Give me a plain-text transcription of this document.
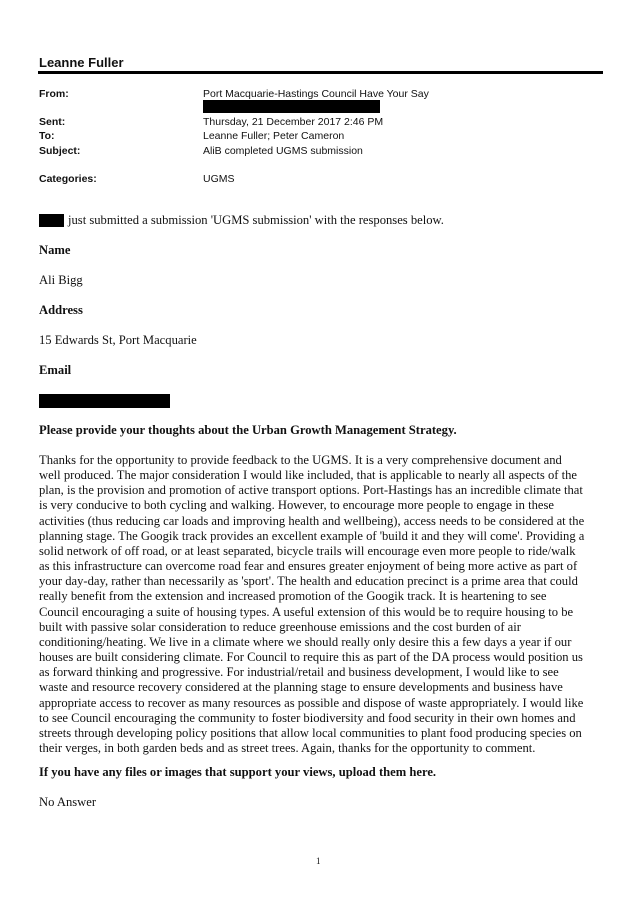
Leanne Fuller
From:	Port Macquarie-Hastings Council Have Your Say
Sent:	Thursday, 21 December 2017 2:46 PM
To:	Leanne Fuller; Peter Cameron
Subject:	AliB completed UGMS submission
Categories:	UGMS
just submitted a submission 'UGMS submission' with the responses below.
Name
Ali Bigg
Address
15 Edwards St, Port Macquarie
Email
Please provide your thoughts about the Urban Growth Management Strategy.
Thanks for the opportunity to provide feedback to the UGMS. It is a very comprehensive document and
well produced. The major consideration I would like included, that is applicable to nearly all aspects of the
plan, is the provision and promotion of active transport options. Port-Hastings has an incredible climate that
is very conducive to both cycling and walking. However, to encourage more people to engage in these
activities (thus reducing car loads and improving health and wellbeing), access needs to be considered at the
planning stage. The Googik track provides an excellent example of 'build it and they will come'. Providing a
solid network of off road, or at least separated, bicycle trails will encourage even more people to ride/walk
as this infrastructure can overcome road fear and ensures greater enjoyment of being more active as part of
your day-day, rather than necessarily as 'sport'. The health and education precinct is a prime area that could
really benefit from the extension and increased promotion of the Googik track. It is heartening to see
Council encouraging a suite of housing types. A useful extension of this would be to require housing to be
built with passive solar consideration to reduce greenhouse emissions and the cost burden of air
conditioning/heating. We live in a climate where we should really only desire this a few days a year if our
houses are built considering climate. For Council to require this as part of the DA process would position us
as forward thinking and progressive. For industrial/retail and business development, I would like to see
waste and resource recovery considered at the planning stage to ensure developments and business have
appropriate access to recover as many resources as possible and dispose of waste appropriately. I would like
to see Council encouraging the community to foster biodiversity and food security in their own homes and
streets through developing policy positions that allow local communities to plant food producing species on
their verges, in both garden beds and as street trees. Again, thanks for the opportunity to comment.
If you have any files or images that support your views, upload them here.
No Answer
1
